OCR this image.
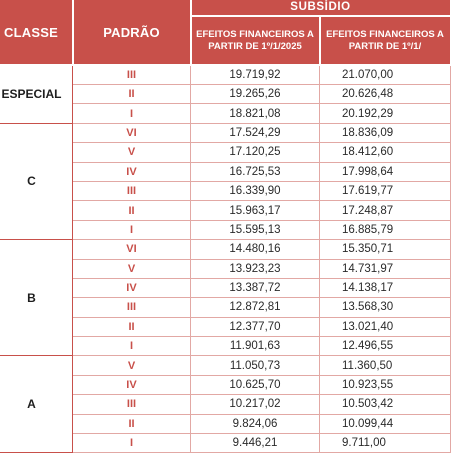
CLASSE	PADRÃO	SUBSÍDIO	
		EFEITOS FINANCEIROS A PARTIR DE 1º/1/2025	EFEITOS FINANCEIROS A PARTIR DE 1º/1/
ESPECIAL	III	19.719,92	21.070,00
	II	19.265,26	20.626,48
	I	18.821,08	20.192,29
C	VI	17.524,29	18.836,09
	V	17.120,25	18.412,60
	IV	16.725,53	17.998,64
	III	16.339,90	17.619,77
	II	15.963,17	17.248,87
	I	15.595,13	16.885,79
B	VI	14.480,16	15.350,71
	V	13.923,23	14.731,97
	IV	13.387,72	14.138,17
	III	12.872,81	13.568,30
	II	12.377,70	13.021,40
	I	11.901,63	12.496,55
A	V	11.050,73	11.360,50
	IV	10.625,70	10.923,55
	III	10.217,02	10.503,42
	II	9.824,06	10.099,44
	I	9.446,21	9.711,00
